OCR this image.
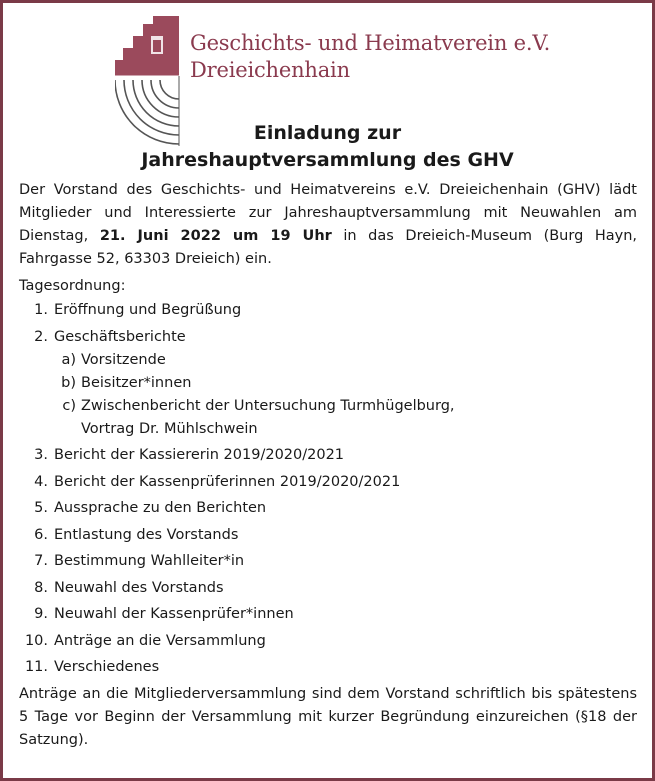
Geschichts- und Heimatverein e.V.
Dreieichenhain
Einladung zur
Jahreshauptversammlung des GHV

Der Vorstand des Geschichts- und Heimatvereins e.V. Dreieichenhain (GHV) lädt Mitglieder und Interessierte zur Jahreshauptversammlung mit Neuwahlen am Dienstag, 21. Juni 2022 um 19 Uhr in das Dreieich-Museum (Burg Hayn, Fahrgasse 52, 63303 Dreieich) ein.

Tagesordnung:
1. Eröffnung und Begrüßung
2. Geschäftsberichte
a) Vorsitzende
b) Beisitzer*innen
c) Zwischenbericht der Untersuchung Turmhügelburg, Vortrag Dr. Mühlschwein
3. Bericht der Kassiererin 2019/2020/2021
4. Bericht der Kassenprüferinnen 2019/2020/2021
5. Aussprache zu den Berichten
6. Entlastung des Vorstands
7. Bestimmung Wahlleiter*in
8. Neuwahl des Vorstands
9. Neuwahl der Kassenprüfer*innen
10. Anträge an die Versammlung
11. Verschiedenes

Anträge an die Mitgliederversammlung sind dem Vorstand schriftlich bis spätestens 5 Tage vor Beginn der Versammlung mit kurzer Begründung einzureichen (§18 der Satzung).
